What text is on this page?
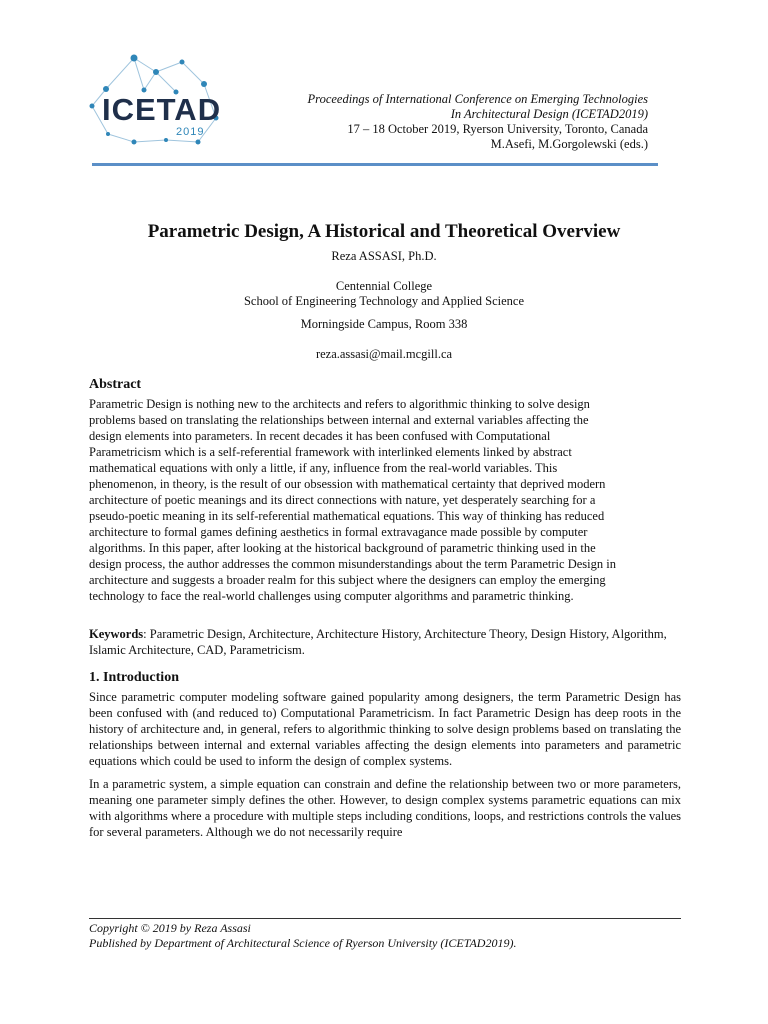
ICETAD
2019
Proceedings of International Conference on Emerging Technologies
In Architectural Design (ICETAD2019)
17 – 18 October 2019, Ryerson University, Toronto, Canada
M.Asefi, M.Gorgolewski (eds.)
Parametric Design, A Historical and Theoretical Overview
Reza ASSASI, Ph.D.
Centennial College
School of Engineering Technology and Applied Science
Morningside Campus, Room 338
reza.assasi@mail.mcgill.ca
Abstract
Parametric Design is nothing new to the architects and refers to algorithmic thinking to solve design
problems based on translating the relationships between internal and external variables affecting the
design elements into parameters. In recent decades it has been confused with Computational
Parametricism which is a self-referential framework with interlinked elements linked by abstract
mathematical equations with only a little, if any, influence from the real-world variables. This
phenomenon, in theory, is the result of our obsession with mathematical certainty that deprived modern
architecture of poetic meanings and its direct connections with nature, yet desperately searching for a
pseudo-poetic meaning in its self-referential mathematical equations. This way of thinking has reduced
architecture to formal games defining aesthetics in formal extravagance made possible by computer
algorithms. In this paper, after looking at the historical background of parametric thinking used in the
design process, the author addresses the common misunderstandings about the term Parametric Design in
architecture and suggests a broader realm for this subject where the designers can employ the emerging
technology to face the real-world challenges using computer algorithms and parametric thinking.
Keywords: Parametric Design, Architecture, Architecture History, Architecture Theory, Design History, Algorithm,
Islamic Architecture, CAD, Parametricism.
1. Introduction

Since parametric computer modeling software gained popularity among designers, the term Parametric Design has been confused with (and reduced to) Computational Parametricism. In fact Parametric Design has deep roots in the history of architecture and, in general, refers to algorithmic thinking to solve design problems based on translating the relationships between internal and external variables affecting the design elements into parameters and parametric equations which could be used to inform the design of complex systems.

In a parametric system, a simple equation can constrain and define the relationship between two or more parameters, meaning one parameter simply defines the other. However, to design complex systems parametric equations can mix with algorithms where a procedure with multiple steps including conditions, loops, and restrictions controls the values for several parameters. Although we do not necessarily require

Copyright © 2019 by Reza Assasi
Published by Department of Architectural Science of Ryerson University (ICETAD2019).
